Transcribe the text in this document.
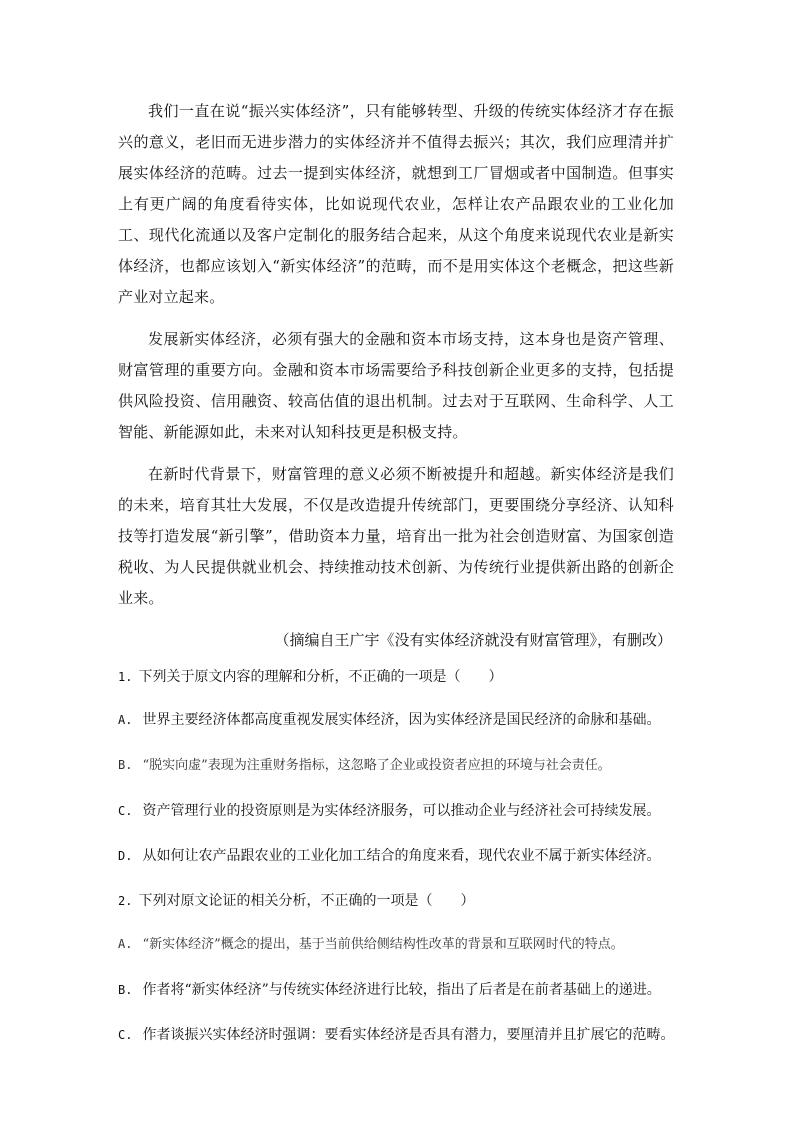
我们一直在说“振兴实体经济”，只有能够转型、升级的传统实体经济才存在振兴的意义，老旧而无进步潜力的实体经济并不值得去振兴；其次，我们应理清并扩展实体经济的范畴。过去一提到实体经济，就想到工厂冒烟或者中国制造。但事实上有更广阔的角度看待实体，比如说现代农业，怎样让农产品跟农业的工业化加工、现代化流通以及客户定制化的服务结合起来，从这个角度来说现代农业是新实体经济，也都应该划入“新实体经济”的范畴，而不是用实体这个老概念，把这些新产业对立起来。

发展新实体经济，必须有强大的金融和资本市场支持，这本身也是资产管理、财富管理的重要方向。金融和资本市场需要给予科技创新企业更多的支持，包括提供风险投资、信用融资、较高估值的退出机制。过去对于互联网、生命科学、人工智能、新能源如此，未来对认知科技更是积极支持。

在新时代背景下，财富管理的意义必须不断被提升和超越。新实体经济是我们的未来，培育其壮大发展，不仅是改造提升传统部门，更要围绕分享经济、认知科技等打造发展“新引擎”，借助资本力量，培育出一批为社会创造财富、为国家创造税收、为人民提供就业机会、持续推动技术创新、为传统行业提供新出路的创新企业来。

（摘编自王广宇《没有实体经济就没有财富管理》，有删改）
1. 下列关于原文内容的理解和分析，不正确的一项是（　　）
A. 世界主要经济体都高度重视发展实体经济，因为实体经济是国民经济的命脉和基础。
B. “脱实向虚”表现为注重财务指标，这忽略了企业或投资者应担的环境与社会责任。
C. 资产管理行业的投资原则是为实体经济服务，可以推动企业与经济社会可持续发展。
D. 从如何让农产品跟农业的工业化加工结合的角度来看，现代农业不属于新实体经济。
2. 下列对原文论证的相关分析，不正确的一项是（　　）
A. “新实体经济”概念的提出，基于当前供给侧结构性改革的背景和互联网时代的特点。
B. 作者将“新实体经济”与传统实体经济进行比较，指出了后者是在前者基础上的递进。
C. 作者谈振兴实体经济时强调：要看实体经济是否具有潜力，要厘清并且扩展它的范畴。
